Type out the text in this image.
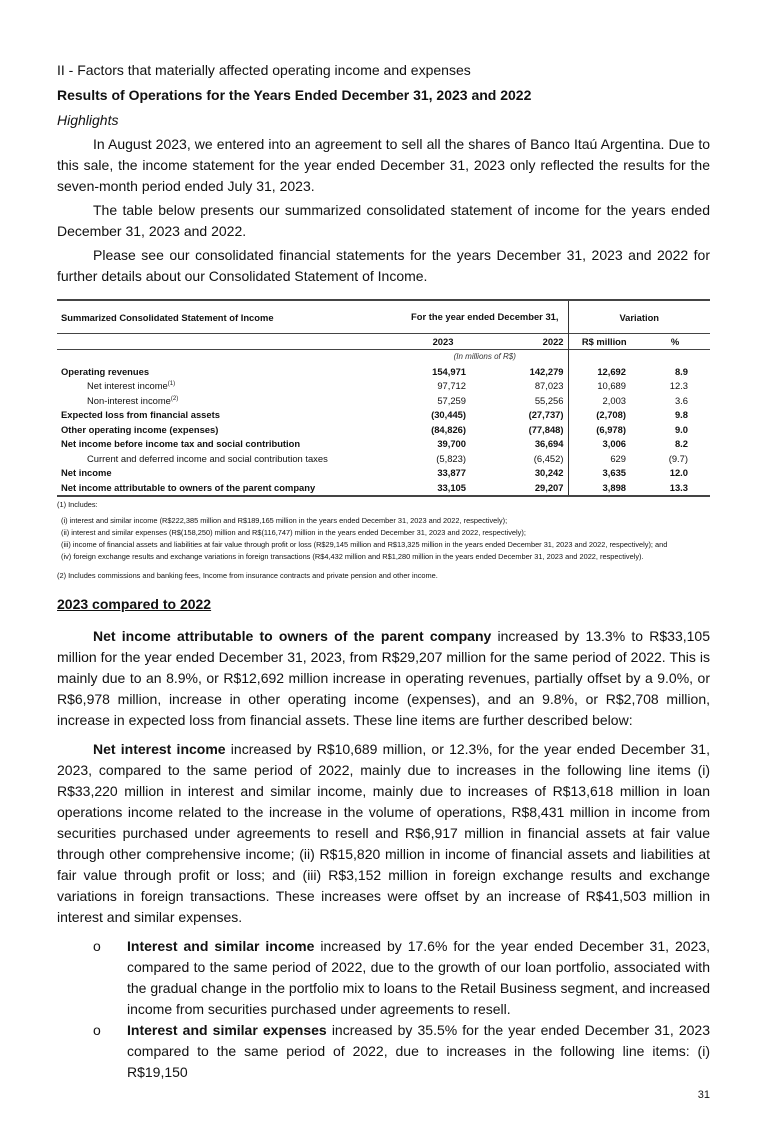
II - Factors that materially affected operating income and expenses
Results of Operations for the Years Ended December 31, 2023 and 2022
Highlights
In August 2023, we entered into an agreement to sell all the shares of Banco Itaú Argentina. Due to this sale, the income statement for the year ended December 31, 2023 only reflected the results for the seven-month period ended July 31, 2023.
The table below presents our summarized consolidated statement of income for the years ended December 31, 2023 and 2022.
Please see our consolidated financial statements for the years December 31, 2023 and 2022 for further details about our Consolidated Statement of Income.
Summarized Consolidated Statement of Income	For the year ended December 31,		Variation	

	2023	2022	R$ million	%
	(In millions of R$)			
Operating revenues	154,971	142,279	12,692	8.9
Net interest income$^{(1)}$	97,712	87,023	10,689	12.3
Non-interest income$^{(2)}$	57,259	55,256	2,003	3.6
Expected loss from financial assets	(30,445)	(27,737)	(2,708)	9.8
Other operating income (expenses)	(84,826)	(77,848)	(6,978)	9.0
Net income before income tax and social contribution	39,700	36,694	3,006	8.2
Current and deferred income and social contribution taxes	(5,823)	(6,452)	629	(9.7)
Net income	33,877	30,242	3,635	12.0
Net income attributable to owners of the parent company	33,105	29,207	3,898	13.3
(1) Includes:
(i) interest and similar income (R$222,385 million and R$189,165 million in the years ended December 31, 2023 and 2022, respectively);
(ii) interest and similar expenses (R$(158,250) million and R$(116,747) million in the years ended December 31, 2023 and 2022, respectively);
(iii) income of financial assets and liabilities at fair value through profit or loss (R$29,145 million and R$13,325 million in the years ended December 31, 2023 and 2022, respectively); and
(iv) foreign exchange results and exchange variations in foreign transactions (R$4,432 million and R$1,280 million in the years ended December 31, 2023 and 2022, respectively).
(2) Includes commissions and banking fees, Income from insurance contracts and private pension and other income.
2023 compared to 2022
Net income attributable to owners of the parent company increased by 13.3% to R$33,105 million for the year ended December 31, 2023, from R$29,207 million for the same period of 2022. This is mainly due to an 8.9%, or R$12,692 million increase in operating revenues, partially offset by a 9.0%, or R$6,978 million, increase in other operating income (expenses), and an 9.8%, or R$2,708 million, increase in expected loss from financial assets. These line items are further described below:
Net interest income increased by R$10,689 million, or 12.3%, for the year ended December 31, 2023, compared to the same period of 2022, mainly due to increases in the following line items (i) R$33,220 million in interest and similar income, mainly due to increases of R$13,618 million in loan operations income related to the increase in the volume of operations, R$8,431 million in income from securities purchased under agreements to resell and R$6,917 million in financial assets at fair value through other comprehensive income; (ii) R$15,820 million in income of financial assets and liabilities at fair value through profit or loss; and (iii) R$3,152 million in foreign exchange results and exchange variations in foreign transactions. These increases were offset by an increase of R$41,503 million in interest and similar expenses.
o Interest and similar income increased by 17.6% for the year ended December 31, 2023, compared to the same period of 2022, due to the growth of our loan portfolio, associated with the gradual change in the portfolio mix to loans to the Retail Business segment, and increased income from securities purchased under agreements to resell.
o Interest and similar expenses increased by 35.5% for the year ended December 31, 2023 compared to the same period of 2022, due to increases in the following line items: (i) R$19,150
31
